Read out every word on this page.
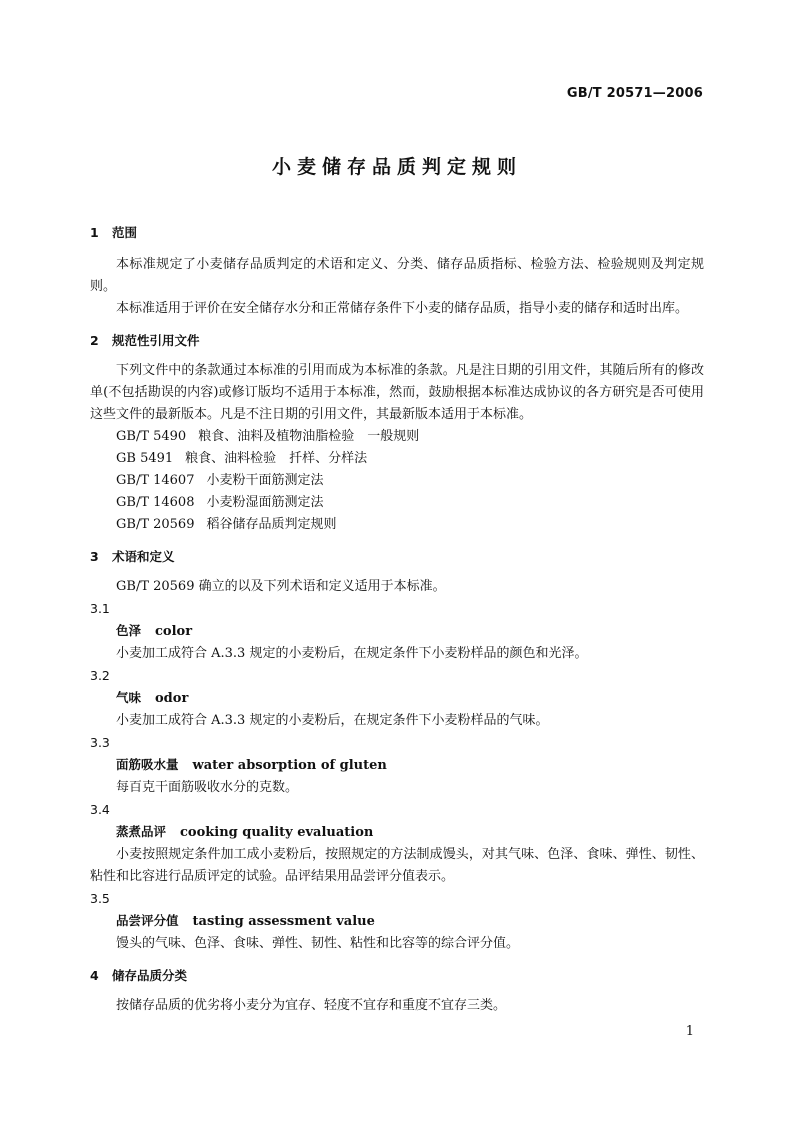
GB/T 20571—2006
小麦储存品质判定规则
1 范围
本标准规定了小麦储存品质判定的术语和定义、分类、储存品质指标、检验方法、检验规则及判定规则。
本标准适用于评价在安全储存水分和正常储存条件下小麦的储存品质，指导小麦的储存和适时出库。
2 规范性引用文件
下列文件中的条款通过本标准的引用而成为本标准的条款。凡是注日期的引用文件，其随后所有的修改单(不包括勘误的内容)或修订版均不适用于本标准，然而，鼓励根据本标准达成协议的各方研究是否可使用这些文件的最新版本。凡是不注日期的引用文件，其最新版本适用于本标准。
GB/T 5490 粮食、油料及植物油脂检验　一般规则
GB 5491 粮食、油料检验　扦样、分样法
GB/T 14607 小麦粉干面筋测定法
GB/T 14608 小麦粉湿面筋测定法
GB/T 20569 稻谷储存品质判定规则
3 术语和定义
GB/T 20569 确立的以及下列术语和定义适用于本标准。
3.1
色泽 color
小麦加工成符合 A.3.3 规定的小麦粉后，在规定条件下小麦粉样品的颜色和光泽。
3.2
气味 odor
小麦加工成符合 A.3.3 规定的小麦粉后，在规定条件下小麦粉样品的气味。
3.3
面筋吸水量 water absorption of gluten
每百克干面筋吸收水分的克数。
3.4
蒸煮品评 cooking quality evaluation
小麦按照规定条件加工成小麦粉后，按照规定的方法制成馒头，对其气味、色泽、食味、弹性、韧性、粘性和比容进行品质评定的试验。品评结果用品尝评分值表示。
3.5
品尝评分值 tasting assessment value
馒头的气味、色泽、食味、弹性、韧性、粘性和比容等的综合评分值。
4 储存品质分类
按储存品质的优劣将小麦分为宜存、轻度不宜存和重度不宜存三类。
1
